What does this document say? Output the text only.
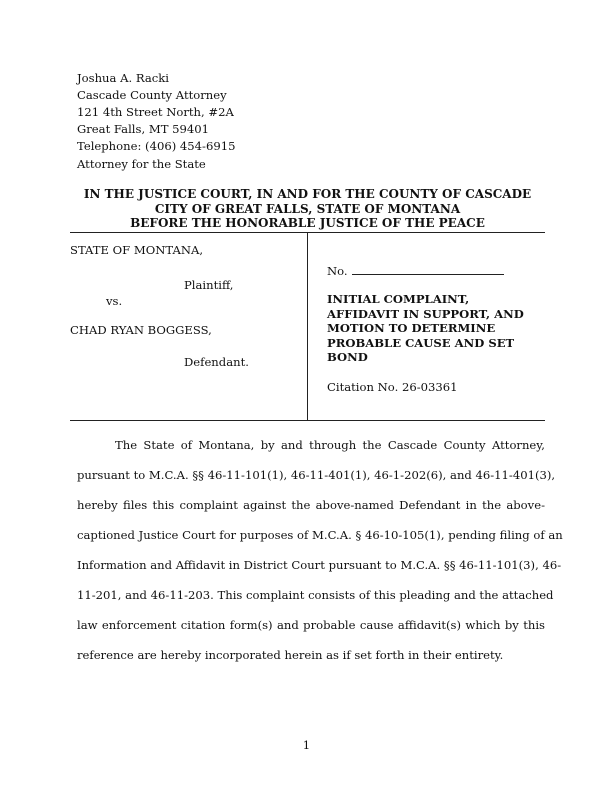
Joshua A. Racki
Cascade County Attorney
121 4th Street North, #2A
Great Falls, MT 59401
Telephone: (406) 454-6915
Attorney for the State
IN THE JUSTICE COURT, IN AND FOR THE COUNTY OF CASCADE
CITY OF GREAT FALLS, STATE OF MONTANA
BEFORE THE HONORABLE JUSTICE OF THE PEACE
STATE OF MONTANA,
Plaintiff,
vs.
CHAD RYAN BOGGESS,
Defendant.
No.
INITIAL COMPLAINT,
AFFIDAVIT IN SUPPORT, AND
MOTION TO DETERMINE
PROBABLE CAUSE AND SET
BOND
Citation No. 26-03361
The State of Montana, by and through the Cascade County Attorney,
pursuant to M.C.A. §§ 46-11-101(1), 46-11-401(1), 46-1-202(6), and 46-11-401(3),
hereby files this complaint against the above-named Defendant in the above-
captioned Justice Court for purposes of M.C.A. § 46-10-105(1), pending filing of an
Information and Affidavit in District Court pursuant to M.C.A. §§ 46-11-101(3), 46-
11-201, and 46-11-203. This complaint consists of this pleading and the attached
law enforcement citation form(s) and probable cause affidavit(s) which by this
reference are hereby incorporated herein as if set forth in their entirety.
1
